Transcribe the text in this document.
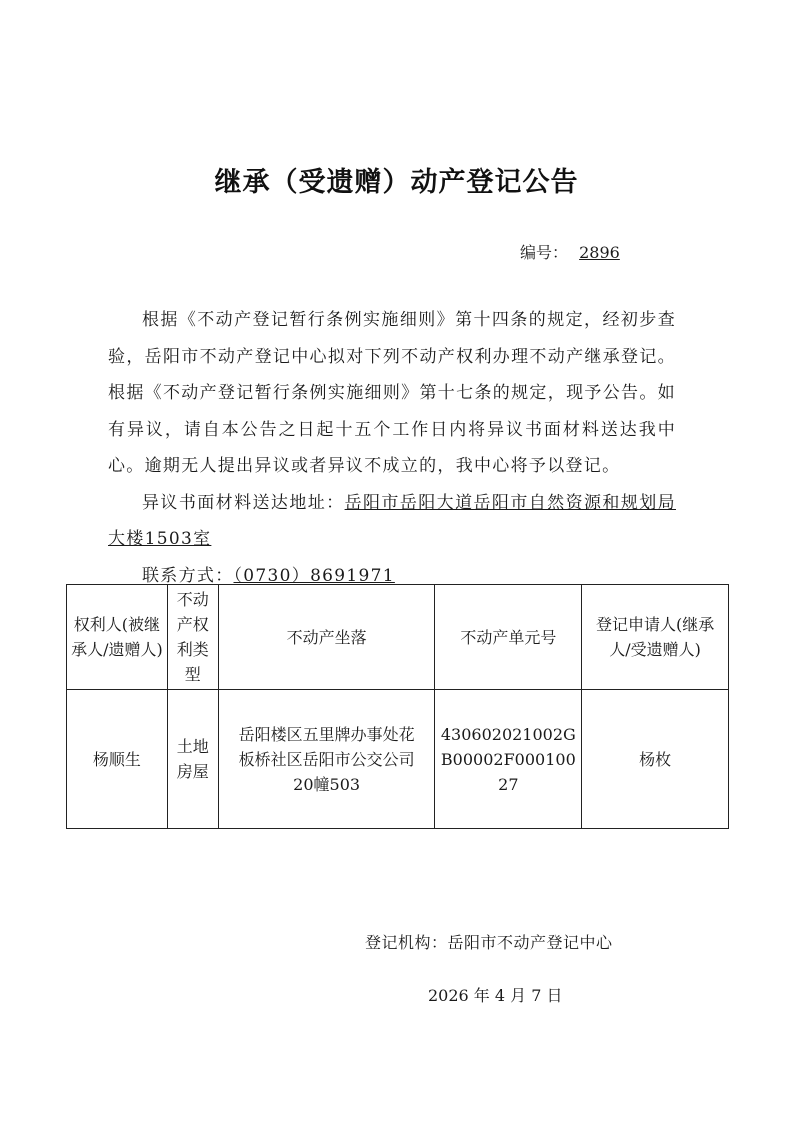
继承（受遗赠）动产登记公告
编号： 2896

根据《不动产登记暂行条例实施细则》第十四条的规定，经初步查验，岳阳市不动产登记中心拟对下列不动产权利办理不动产继承登记。根据《不动产登记暂行条例实施细则》第十七条的规定，现予公告。如有异议，请自本公告之日起十五个工作日内将异议书面材料送达我中心。逾期无人提出异议或者异议不成立的，我中心将予以登记。

异议书面材料送达地址：岳阳市岳阳大道岳阳市自然资源和规划局大楼1503室

联系方式：（0730）8691971

权利人(被继承人/遗赠人)	不动产权利类型	不动产坐落	不动产单元号	登记申请人(继承人/受遗赠人)
杨顺生	土地房屋	岳阳楼区五里牌办事处花板桥社区岳阳市公交公司20幢503	430602021002GB00002F00010027	杨枚
登记机构：岳阳市不动产登记中心
2026 年 4 月 7 日
